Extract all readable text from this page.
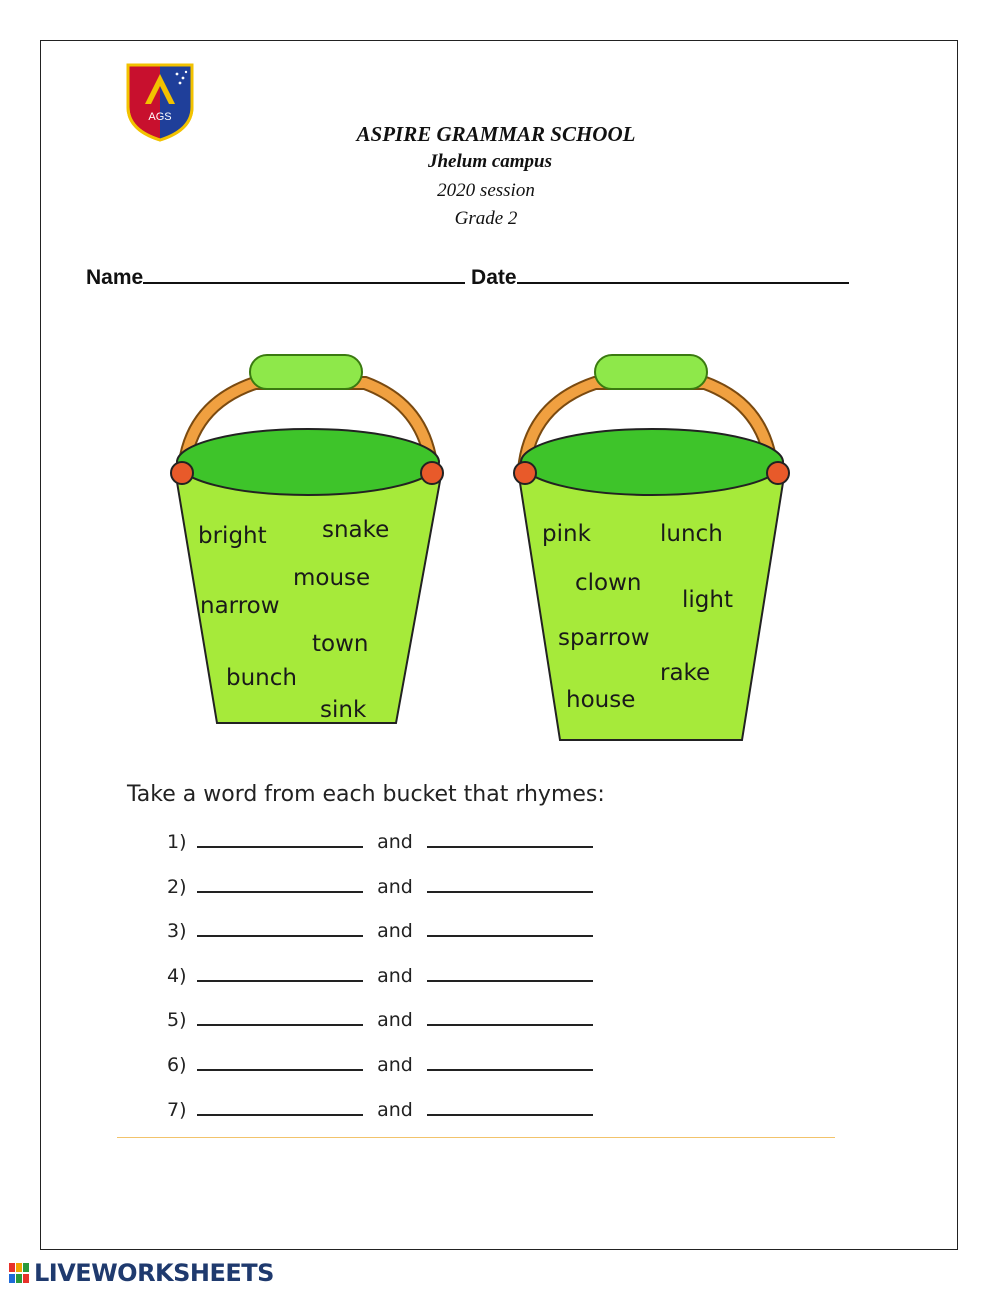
AGS
ASPIRE GRAMMAR SCHOOL
Jhelum campus
2020 session
Grade 2
Name	Date
bright snake
mouse
narrow
town
bunch
sink
pink	lunch
clown
light
sparrow
rake
house
Take a word from each bucket that rhymes:
1)	and
2)	and
3)	and
4)	and
5)	and
6)	and
7)	and
LIVEWORKSHEETS
